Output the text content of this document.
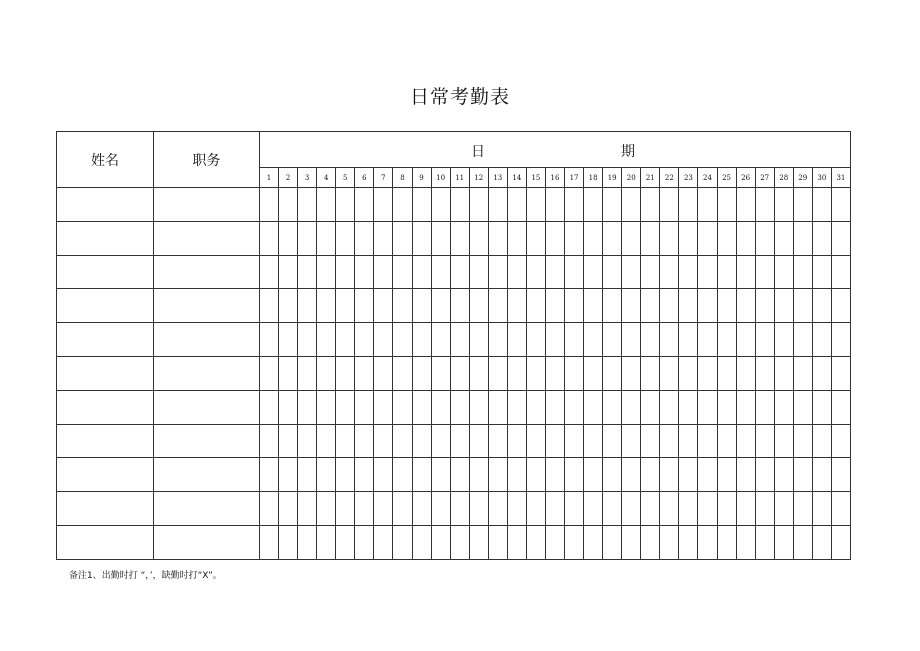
日常考勤表
姓名	职务	日 期																														

		1	2	3	4	5	6	7	8	9	10	11	12	13	14	15	16	17	18	19	20	21	22	23	24	25	26	27	28	29	30	31

备注1、出勤时打 “，’，缺勤时打“X”。
